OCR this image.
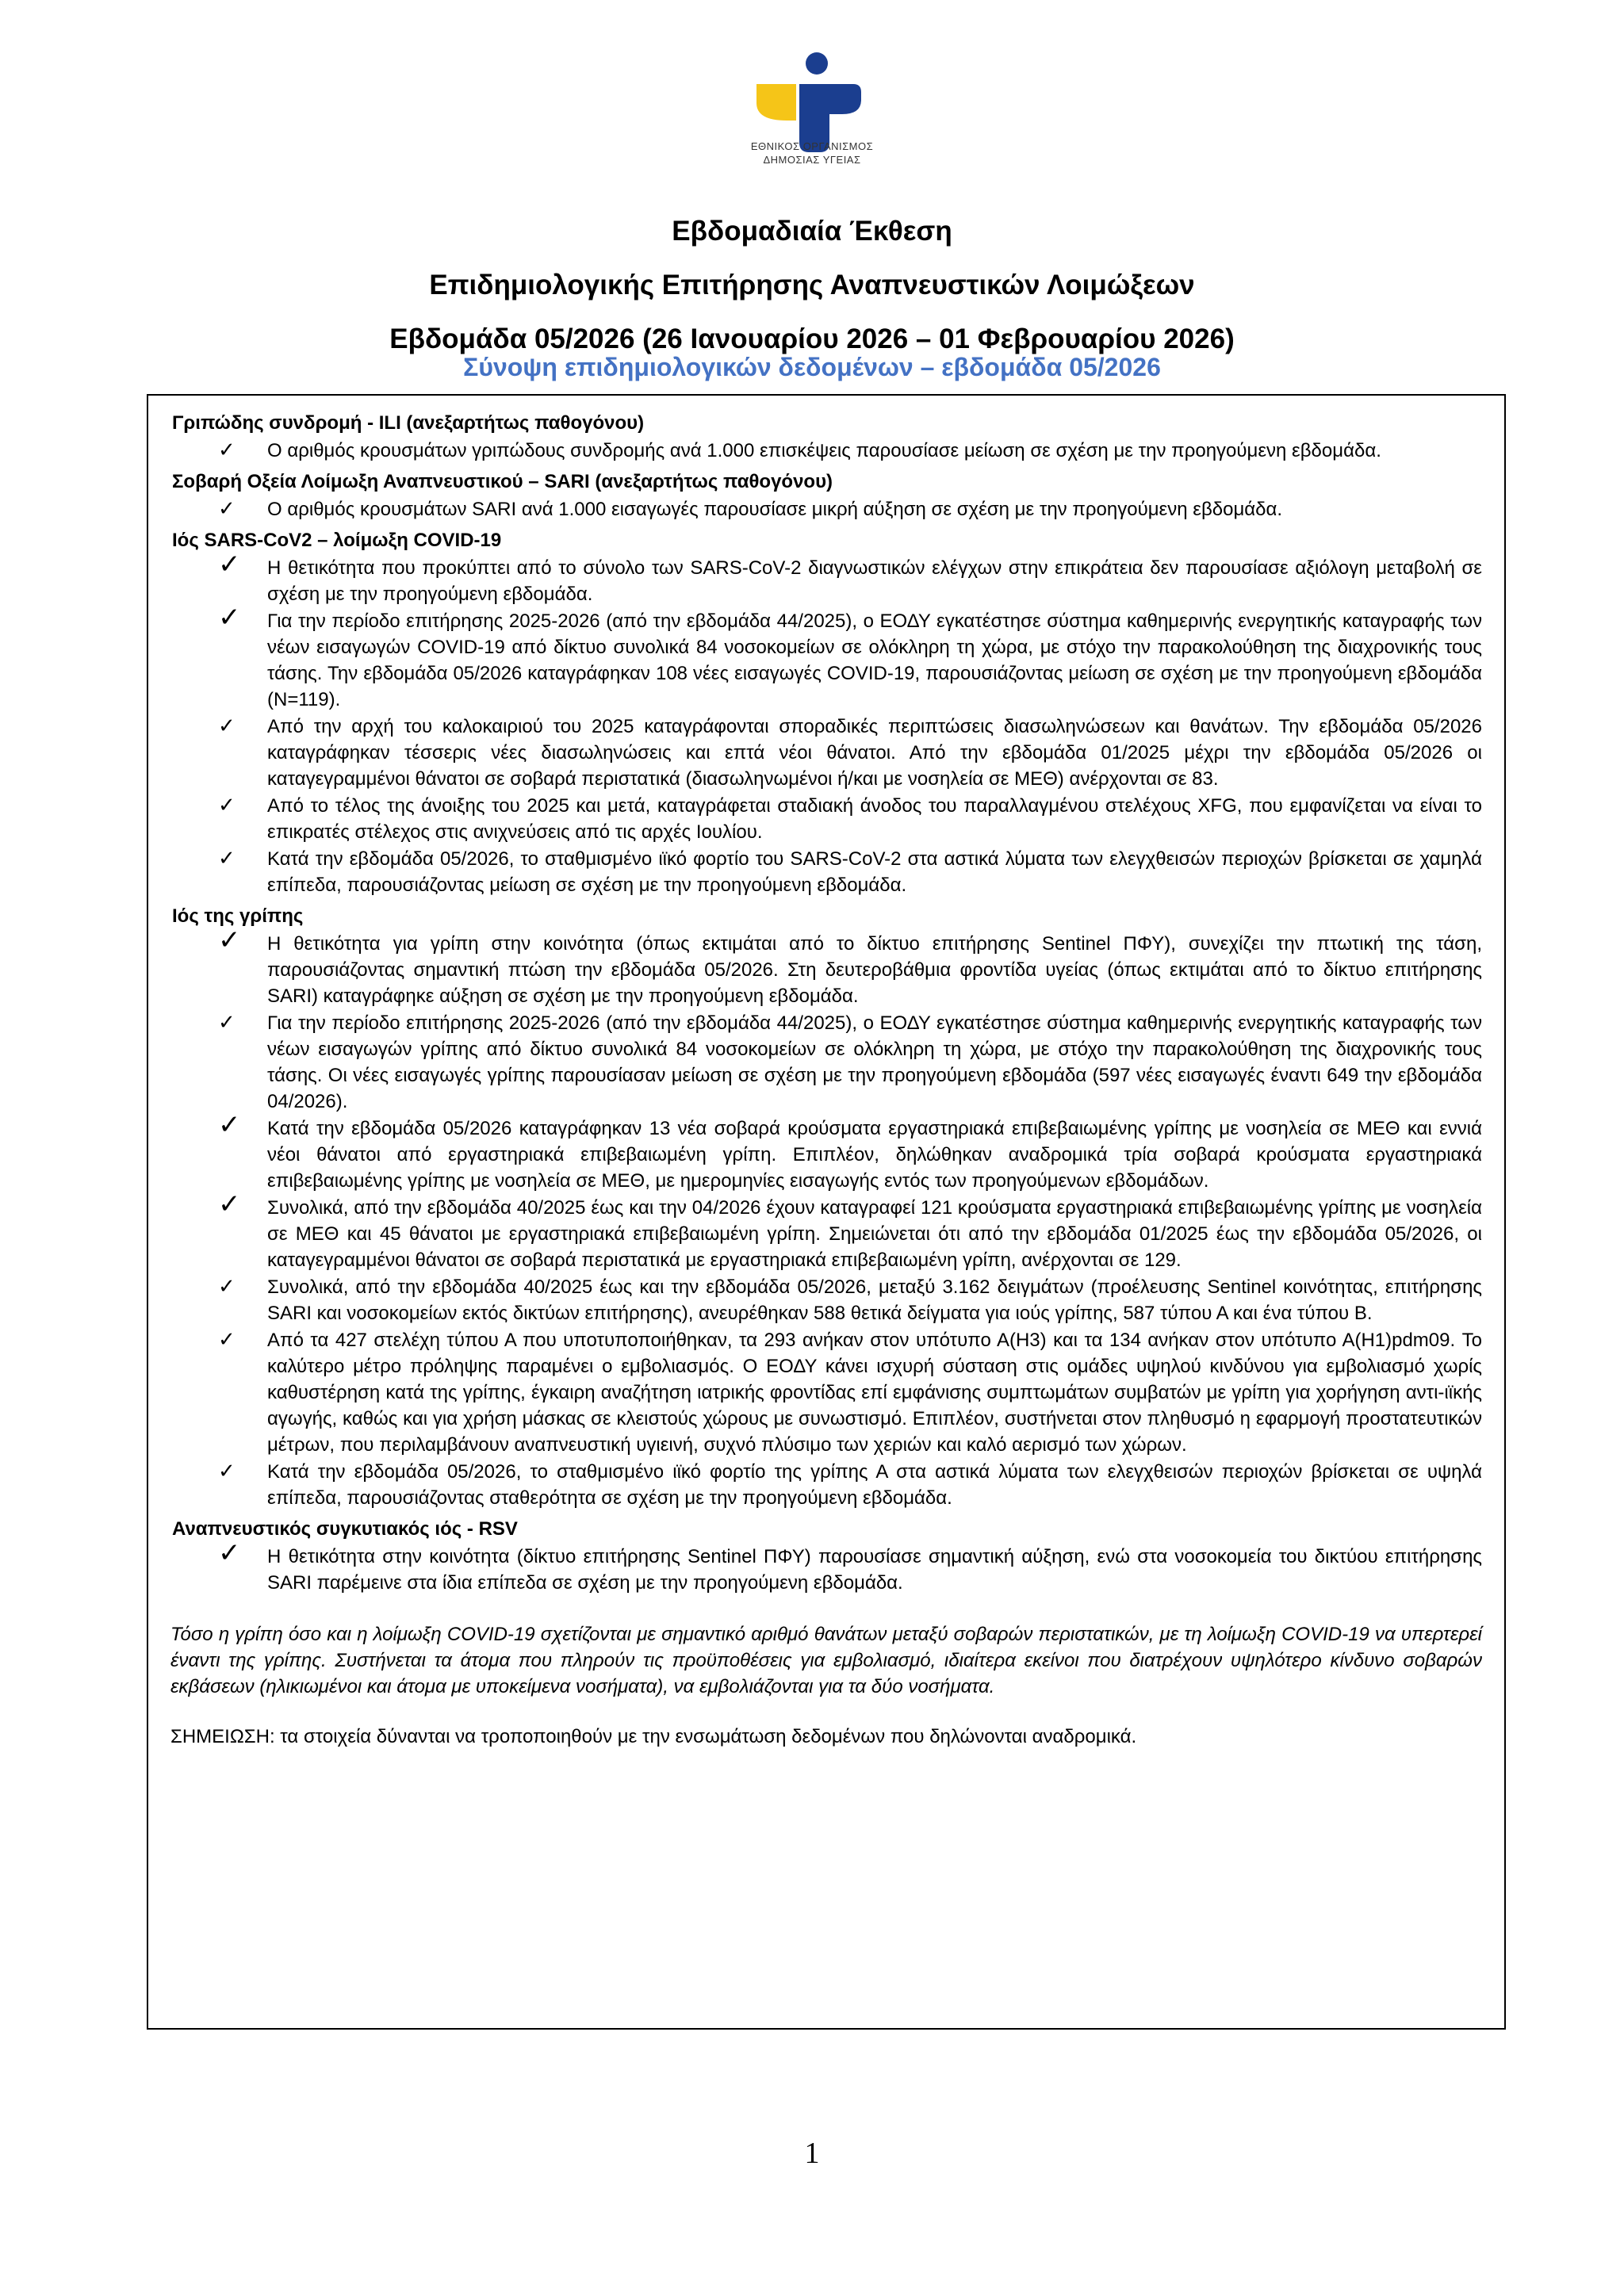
ΕΘΝΙΚΟΣ ΟΡΓΑΝΙΣΜΟΣ
ΔΗΜΟΣΙΑΣ ΥΓΕΙΑΣ
Εβδομαδιαία Έκθεση
Επιδημιολογικής Επιτήρησης Αναπνευστικών Λοιμώξεων
Εβδομάδα 05/2026 (26 Ιανουαρίου 2026 – 01 Φεβρουαρίου 2026)
Σύνοψη επιδημιολογικών δεδομένων – εβδομάδα 05/2026
Γριπώδης συνδρομή - ILI (ανεξαρτήτως παθογόνου)
✓ Ο αριθμός κρουσμάτων γριπώδους συνδρομής ανά 1.000 επισκέψεις παρουσίασε μείωση σε σχέση με την προηγούμενη εβδομάδα.
Σοβαρή Οξεία Λοίμωξη Αναπνευστικού – SARI (ανεξαρτήτως παθογόνου)
✓ Ο αριθμός κρουσμάτων SARI ανά 1.000 εισαγωγές παρουσίασε μικρή αύξηση σε σχέση με την προηγούμενη εβδομάδα.
Ιός SARS-CoV2 – λοίμωξη COVID-19
✓ Η θετικότητα που προκύπτει από το σύνολο των SARS-CoV-2 διαγνωστικών ελέγχων στην επικράτεια δεν παρουσίασε αξιόλογη μεταβολή σε σχέση με την προηγούμενη εβδομάδα.
✓ Για την περίοδο επιτήρησης 2025-2026 (από την εβδομάδα 44/2025), ο ΕΟΔΥ εγκατέστησε σύστημα καθημερινής ενεργητικής καταγραφής των νέων εισαγωγών COVID-19 από δίκτυο συνολικά 84 νοσοκομείων σε ολόκληρη τη χώρα, με στόχο την παρακολούθηση της διαχρονικής τους τάσης. Την εβδομάδα 05/2026 καταγράφηκαν 108 νέες εισαγωγές COVID-19, παρουσιάζοντας μείωση σε σχέση με την προηγούμενη εβδομάδα (N=119).
✓ Από την αρχή του καλοκαιριού του 2025 καταγράφονται σποραδικές περιπτώσεις διασωληνώσεων και θανάτων. Την εβδομάδα 05/2026 καταγράφηκαν τέσσερις νέες διασωληνώσεις και επτά νέοι θάνατοι. Από την εβδομάδα 01/2025 μέχρι την εβδομάδα 05/2026 οι καταγεγραμμένοι θάνατοι σε σοβαρά περιστατικά (διασωληνωμένοι ή/και με νοσηλεία σε ΜΕΘ) ανέρχονται σε 83.
✓ Από το τέλος της άνοιξης του 2025 και μετά, καταγράφεται σταδιακή άνοδος του παραλλαγμένου στελέχους XFG, που εμφανίζεται να είναι το επικρατές στέλεχος στις ανιχνεύσεις από τις αρχές Ιουλίου.
✓ Κατά την εβδομάδα 05/2026, το σταθμισμένο ιϊκό φορτίο του SARS-CoV-2 στα αστικά λύματα των ελεγχθεισών περιοχών βρίσκεται σε χαμηλά επίπεδα, παρουσιάζοντας μείωση σε σχέση με την προηγούμενη εβδομάδα.
Ιός της γρίπης
✓ Η θετικότητα για γρίπη στην κοινότητα (όπως εκτιμάται από το δίκτυο επιτήρησης Sentinel ΠΦΥ), συνεχίζει την πτωτική της τάση, παρουσιάζοντας σημαντική πτώση την εβδομάδα 05/2026. Στη δευτεροβάθμια φροντίδα υγείας (όπως εκτιμάται από το δίκτυο επιτήρησης SARI) καταγράφηκε αύξηση σε σχέση με την προηγούμενη εβδομάδα.
✓ Για την περίοδο επιτήρησης 2025-2026 (από την εβδομάδα 44/2025), ο ΕΟΔΥ εγκατέστησε σύστημα καθημερινής ενεργητικής καταγραφής των νέων εισαγωγών γρίπης από δίκτυο συνολικά 84 νοσοκομείων σε ολόκληρη τη χώρα, με στόχο την παρακολούθηση της διαχρονικής τους τάσης. Οι νέες εισαγωγές γρίπης παρουσίασαν μείωση σε σχέση με την προηγούμενη εβδομάδα (597 νέες εισαγωγές έναντι 649 την εβδομάδα 04/2026).
✓ Κατά την εβδομάδα 05/2026 καταγράφηκαν 13 νέα σοβαρά κρούσματα εργαστηριακά επιβεβαιωμένης γρίπης με νοσηλεία σε ΜΕΘ και εννιά νέοι θάνατοι από εργαστηριακά επιβεβαιωμένη γρίπη. Επιπλέον, δηλώθηκαν αναδρομικά τρία σοβαρά κρούσματα εργαστηριακά επιβεβαιωμένης γρίπης με νοσηλεία σε ΜΕΘ, με ημερομηνίες εισαγωγής εντός των προηγούμενων εβδομάδων.
✓ Συνολικά, από την εβδομάδα 40/2025 έως και την 04/2026 έχουν καταγραφεί 121 κρούσματα εργαστηριακά επιβεβαιωμένης γρίπης με νοσηλεία σε ΜΕΘ και 45 θάνατοι με εργαστηριακά επιβεβαιωμένη γρίπη. Σημειώνεται ότι από την εβδομάδα 01/2025 έως την εβδομάδα 05/2026, οι καταγεγραμμένοι θάνατοι σε σοβαρά περιστατικά με εργαστηριακά επιβεβαιωμένη γρίπη, ανέρχονται σε 129.
✓ Συνολικά, από την εβδομάδα 40/2025 έως και την εβδομάδα 05/2026, μεταξύ 3.162 δειγμάτων (προέλευσης Sentinel κοινότητας, επιτήρησης SARI και νοσοκομείων εκτός δικτύων επιτήρησης), ανευρέθηκαν 588 θετικά δείγματα για ιούς γρίπης, 587 τύπου Α και ένα τύπου Β.
✓ Από τα 427 στελέχη τύπου Α που υποτυποποιήθηκαν, τα 293 ανήκαν στον υπότυπο Α(Η3) και τα 134 ανήκαν στον υπότυπο Α(Η1)pdm09. Το καλύτερο μέτρο πρόληψης παραμένει ο εμβολιασμός. Ο ΕΟΔΥ κάνει ισχυρή σύσταση στις ομάδες υψηλού κινδύνου για εμβολιασμό χωρίς καθυστέρηση κατά της γρίπης, έγκαιρη αναζήτηση ιατρικής φροντίδας επί εμφάνισης συμπτωμάτων συμβατών με γρίπη για χορήγηση αντι-ιϊκής αγωγής, καθώς και για χρήση μάσκας σε κλειστούς χώρους με συνωστισμό. Επιπλέον, συστήνεται στον πληθυσμό η εφαρμογή προστατευτικών μέτρων, που περιλαμβάνουν αναπνευστική υγιεινή, συχνό πλύσιμο των χεριών και καλό αερισμό των χώρων.
✓ Κατά την εβδομάδα 05/2026, το σταθμισμένο ιϊκό φορτίο της γρίπης Α στα αστικά λύματα των ελεγχθεισών περιοχών βρίσκεται σε υψηλά επίπεδα, παρουσιάζοντας σταθερότητα σε σχέση με την προηγούμενη εβδομάδα.
Αναπνευστικός συγκυτιακός ιός - RSV
✓ Η θετικότητα στην κοινότητα (δίκτυο επιτήρησης Sentinel ΠΦΥ) παρουσίασε σημαντική αύξηση, ενώ στα νοσοκομεία του δικτύου επιτήρησης SARI παρέμεινε στα ίδια επίπεδα σε σχέση με την προηγούμενη εβδομάδα.

Τόσο η γρίπη όσο και η λοίμωξη COVID-19 σχετίζονται με σημαντικό αριθμό θανάτων μεταξύ σοβαρών περιστατικών, με τη λοίμωξη COVID-19 να υπερτερεί έναντι της γρίπης. Συστήνεται τα άτομα που πληρούν τις προϋποθέσεις για εμβολιασμό, ιδιαίτερα εκείνοι που διατρέχουν υψηλότερο κίνδυνο σοβαρών εκβάσεων (ηλικιωμένοι και άτομα με υποκείμενα νοσήματα), να εμβολιάζονται για τα δύο νοσήματα.

ΣΗΜΕΙΩΣΗ: τα στοιχεία δύνανται να τροποποιηθούν με την ενσωμάτωση δεδομένων που δηλώνονται αναδρομικά.

1
